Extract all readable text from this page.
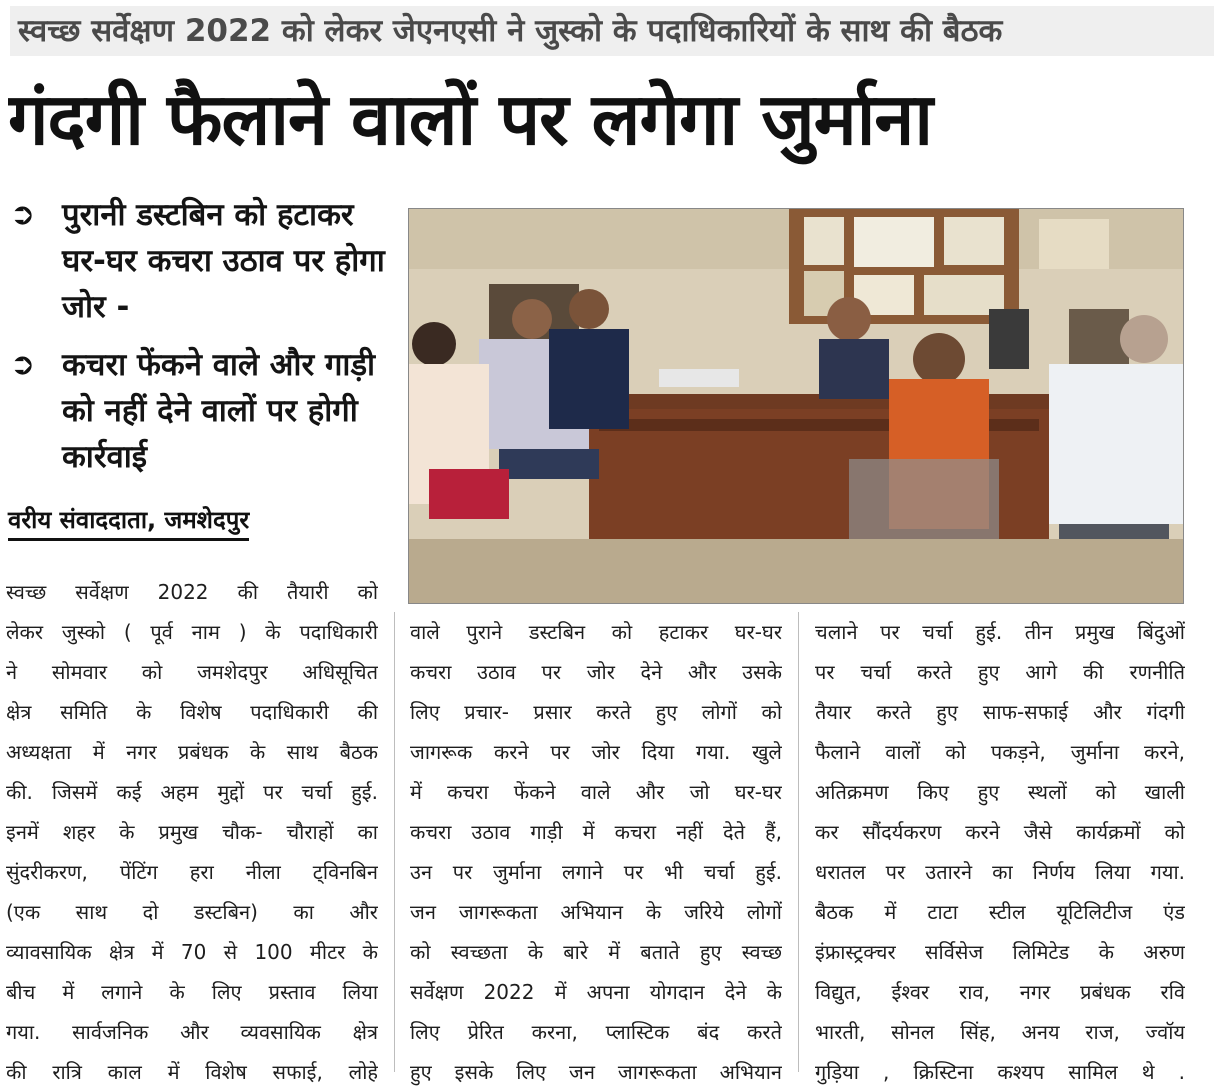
स्वच्छ सर्वेक्षण 2022 को लेकर जेएनएसी ने जुस्को के पदाधिकारियों के साथ की बैठक
गंदगी फैलाने वालों पर लगेगा जुर्माना
➲ पुरानी डस्टबिन को हटाकर घर-घर कचरा उठाव पर होगा जोर -
➲ कचरा फेंकने वाले और गाड़ी को नहीं देने वालों पर होगी कार्रवाई
वरीय संवाददाता, जमशेदपुर
स्वच्छ सर्वेक्षण 2022 की तैयारी को
लेकर जुस्को ( पूर्व नाम ) के पदाधिकारी
ने सोमवार को जमशेदपुर अधिसूचित
क्षेत्र समिति के विशेष पदाधिकारी की
अध्यक्षता में नगर प्रबंधक के साथ बैठक
की. जिसमें कई अहम मुद्दों पर चर्चा हुई.
इनमें शहर के प्रमुख चौक- चौराहों का
सुंदरीकरण, पेंटिंग हरा नीला ट्विनबिन
(एक साथ दो डस्टबिन) का और
व्यावसायिक क्षेत्र में 70 से 100 मीटर के
बीच में लगाने के लिए प्रस्ताव लिया
गया. सार्वजनिक और व्यवसायिक क्षेत्र
की रात्रि काल में विशेष सफाई, लोहे
वाले पुराने डस्टबिन को हटाकर घर-घर
कचरा उठाव पर जोर देने और उसके
लिए प्रचार- प्रसार करते हुए लोगों को
जागरूक करने पर जोर दिया गया. खुले
में कचरा फेंकने वाले और जो घर-घर
कचरा उठाव गाड़ी में कचरा नहीं देते हैं,
उन पर जुर्माना लगाने पर भी चर्चा हुई.
जन जागरूकता अभियान के जरिये लोगों
को स्वच्छता के बारे में बताते हुए स्वच्छ
सर्वेक्षण 2022 में अपना योगदान देने के
लिए प्रेरित करना, प्लास्टिक बंद करते
हुए इसके लिए जन जागरूकता अभियान
चलाने पर चर्चा हुई. तीन प्रमुख बिंदुओं
पर चर्चा करते हुए आगे की रणनीति
तैयार करते हुए साफ-सफाई और गंदगी
फैलाने वालों को पकड़ने, जुर्माना करने,
अतिक्रमण किए हुए स्थलों को खाली
कर सौंदर्यकरण करने जैसे कार्यक्रमों को
धरातल पर उतारने का निर्णय लिया गया.
बैठक में टाटा स्टील यूटिलिटीज एंड
इंफ्रास्ट्रक्चर सर्विसेज लिमिटेड के अरुण
विद्युत, ईश्वर राव, नगर प्रबंधक रवि
भारती, सोनल सिंह, अनय राज, ज्वॉय
गुड़िया , क्रिस्टिना कश्यप सामिल थे .
